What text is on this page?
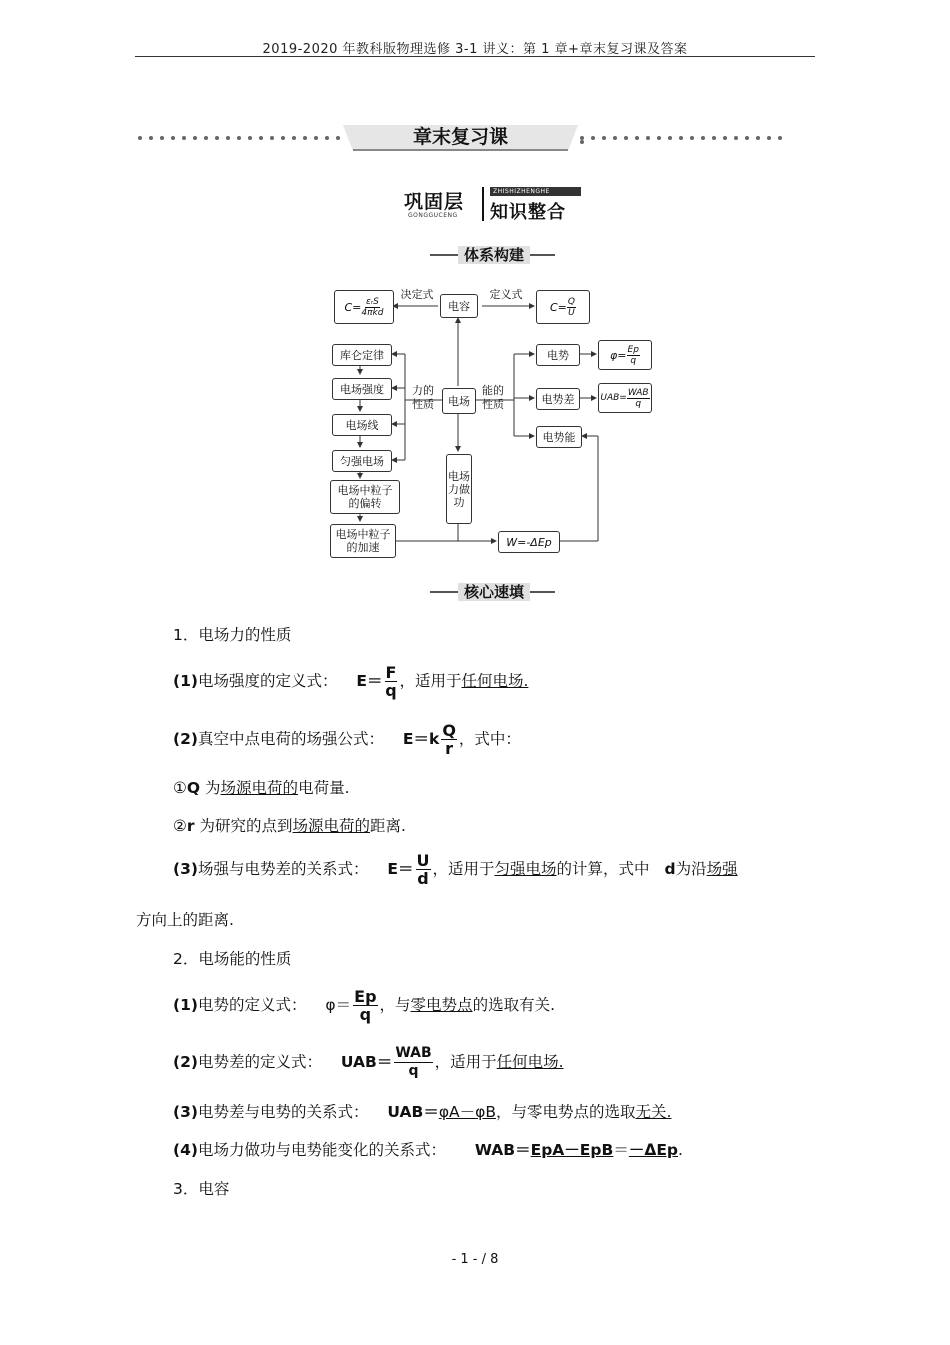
2019-2020 年教科版物理选修 3-1 讲义：第 1 章+章末复习课及答案
章末复习课
巩固层
GONGGUCENG
ZHISHIZHENGHE
知识整合
体系构建
$C= \frac{\text{εᵣS}}{\text{4πkd}}$
决定式
电容
定义式
$C= \frac{Q}{U}$
库仑定律
电场强度
电场线
匀强电场
电场中粒子的偏转
电场中粒子的加速
力的性质	电场
能的性质
电场力做功
电势
电势差
电势能
$\varphi= \frac{Ep}{q}$
$UAB= \frac{\text{WAB}}{q}$
W=-ΔEp
核心速填
1．电场力的性质
(1)电场强度的定义式： $E= \frac{F}{q}$ ，适用于任何电场.
(2)真空中点电荷的场强公式： $E=k \frac{Q}{r}$ ，式中：
①Q 为场源电荷的电荷量.
②r 为研究的点到场源电荷的距离.
(3)场强与电势差的关系式： $E= \frac{U}{d}$ ，适用于匀强电场的计算，式中 d为沿场强
方向上的距离.
2．电场能的性质
(1)电势的定义式： $\varphi= \frac{Ep}{q}$ ，与零电势点的选取有关.
(2)电势差的定义式： UAB＝ WAB
q ，适用于任何电场.
(3)电势差与电势的关系式： UAB＝φA－φB，与零电势点的选取无关.
(4)电场力做功与电势能变化的关系式： WAB＝EpA－EpB＝－ΔEp.
3．电容
- 1 - / 8
